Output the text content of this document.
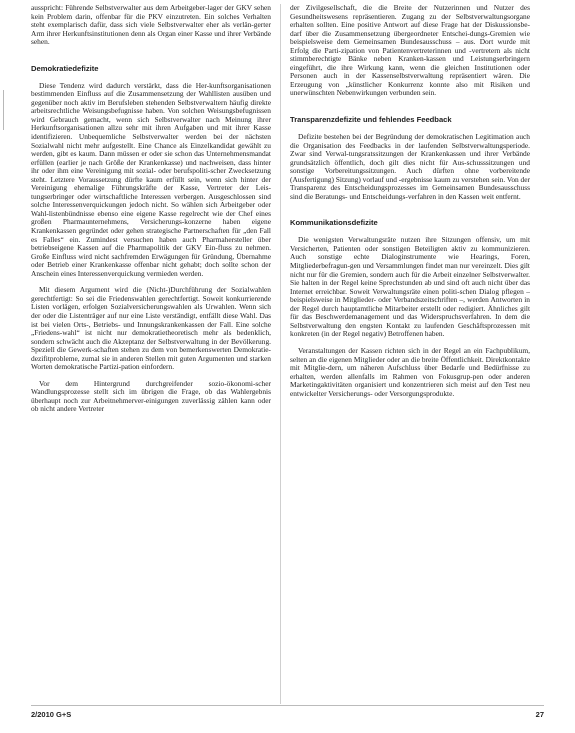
ausspricht: Führende Selbstverwalter aus dem Arbeitgeber-lager der GKV sehen kein Problem darin, offenbar für die PKV einzutreten. Ein solches Verhalten steht exemplarisch dafür, dass sich viele Selbstverwalter eher als verlän-gerter Arm ihrer Herkunftsinstitutionen denn als Organ einer Kasse und ihrer Verbände sehen.

Demokratiedefizite

Diese Tendenz wird dadurch verstärkt, dass die Her-kunftsorganisationen bestimmenden Einfluss auf die Zusammensetzung der Wahllisten ausüben und gegenüber noch aktiv im Berufsleben stehenden Selbstverwaltern häufig direkte arbeitsrechtliche Weisungsbefugnisse haben. Von solchen Weisungsbefugnissen wird Gebrauch gemacht, wenn sich Selbstverwalter nach Meinung ihrer Herkunftsorganisationen allzu sehr mit ihren Aufgaben und mit ihrer Kasse identifizieren. Unbequemliche Selbstverwalter werden bei der nächsten Sozialwahl nicht mehr aufgestellt. Eine Chance als Einzelkandidat gewählt zu werden, gibt es kaum. Dann müssen er oder sie schon das Unternehmensmandat erfüllen (earlier je nach Größe der Krankenkasse) und nachweisen, dass hinter ihr oder ihm eine Vereinigung mit sozial- oder berufspoliti-scher Zwecksetzung steht. Letztere Voraussetzung dürfte kaum erfüllt sein, wenn sich hinter der Vereinigung ehemalige Führungskräfte der Kasse, Vertreter der Leis-tungserbringer oder wirtschaftliche Interessen verbergen. Ausgeschlossen sind solche Interessenverquickungen jedoch nicht. So wählen sich Arbeitgeber oder Wahl-listenbündnisse ebenso eine eigene Kasse regelrecht wie der Chef eines großen Pharmaunternehmens, Versicherungs-konzerne haben eigene Krankenkassen gegründet oder gehen strategische Partnerschaften für „den Fall es Falles“ ein. Zumindest versuchen haben auch Pharmahersteller über betriebseigene Kassen auf die Pharmapolitik der GKV Ein-fluss zu nehmen. Große Einfluss wird nicht sachfremden Erwägungen für Gründung, Übernahme oder Betrieb einer Krankenkasse offenbar nicht gehabt; doch sollte schon der Anschein eines Interessenverquickung vermieden werden.

Mit diesem Argument wird die (Nicht-)Durchführung der Sozialwahlen gerechtfertigt: So sei die Friedenswahlen gerechtfertigt. Soweit konkurrierende Listen vorlägen, erfolgen Sozialversicherungswahlen als Urwahlen. Wenn sich der oder die Listenträger auf nur eine Liste verständigt, entfällt diese Wahl. Das ist bei vielen Orts-, Betriebs- und Innungskrankenkassen der Fall. Eine solche „Friedens-wahl“ ist nicht nur demokratietheoretisch mehr als bedenklich, sondern schwächt auch die Akzeptanz der Selbstverwaltung in der Bevölkerung. Speziell die Gewerk-schaften stehen zu dem von bemerkenswerten Demokratie-dezifitprobleme, zumal sie in anderen Stellen mit guten Argumenten und starken Worten demokratische Partizi-pation einfordern.

Vor dem Hintergrund durchgreifender sozio-ökonomi-scher Wandlungsprozesse stellt sich im übrigen die Frage, ob das Wahlergebnis überhaupt noch zur Arbeitnehmerver-einigungen zuverlässig zählen kann oder ob nicht andere Vertreter

der Zivilgesellschaft, die die Breite der Nutzerinnen und Nutzer des Gesundheitswesens repräsentieren. Zugang zu der Selbstverwaltungsorgane erhalten sollten. Eine positive Antwort auf diese Frage hat der Diskussionsbe-darf über die Zusammensetzung übergeordneter Entschei-dungs-Gremien wie beispielsweise dem Gemeinsamen Bundesausschuss – aus. Dort wurde mit Erfolg die Parti-zipation von Patientenvertreterinnen und -vertretern als nicht stimmberechtigte Bänke neben Kranken-kassen und Leistungserbringern eingeführt, die ihre Wirkung kann, wenn die gleichen Institutionen oder Personen auch in der Kassenselbstverwaltung repräsentiert wären. Die Erzeugung von „künstlicher Konkurrenz konnte also mit Risiken und unerwünschten Nebenwirkungen verbunden sein.

Transparenzdefizite und fehlendes Feedback

Defizite bestehen bei der Begründung der demokratischen Legitimation auch die Organisation des Feedbacks in der laufenden Selbstverwaltungsperiode. Zwar sind Verwal-tungsratssitzungen der Krankenkassen und ihrer Verbände grundsätzlich öffentlich, doch gilt dies nicht für Aus-schusssitzungen und sonstige Vorbereitungssitzungen. Auch dürften ohne vorbereitende (Ausfertigung) Sitzung) vorlauf und -ergebnisse kaum zu verstehen sein. Von der Transparenz des Entscheidungsprozesses im Gemeinsamen Bundesausschuss sind die Beratungs- und Entscheidungs-verfahren in den Kassen weit entfernt.

Kommunikationsdefizite

Die wenigsten Verwaltungsräte nutzen ihre Sitzungen offensiv, um mit Versicherten, Patienten oder sonstigen Beteiligten aktiv zu kommunizieren. Auch sonstige echte Dialoginstrumente wie Hearings, Foren, Mitgliederbefragun-gen und Versammlungen findet man nur vereinzelt. Dies gilt nicht nur für die Gremien, sondern auch für die Arbeit einzelner Selbstverwalter. Sie halten in der Regel keine Sprechstunden ab und sind oft auch nicht über das Internet erreichbar. Soweit Verwaltungsräte einen politi-schen Dialog pflegen – beispielsweise in Mitglieder- oder Verbandszeitschriften –, werden Antworten in der Regel durch hauptamtliche Mitarbeiter erstellt oder redigiert. Ähnliches gilt für das Beschwerdemanagement und das Widerspruchsverfahren. In dem die Selbstverwaltung den engsten Kontakt zu laufenden Geschäftsprozessen mit konkreten (in der Regel negativ) Betroffenen haben.

Veranstaltungen der Kassen richten sich in der Regel an ein Fachpublikum, selten an die eigenen Mitglieder oder an die breite Öffentlichkeit. Direktkontakte mit Mitglie-dern, um näheren Aufschluss über Bedarfe und Bedürfnisse zu erhalten, werden allenfalls im Rahmen von Fokusgrup-pen oder anderen Marketingaktivitäten organisiert und konzentrieren sich meist auf den Test neu entwickelter Versicherungs- oder Versorgungsprodukte.

2/2010 G+S	27
